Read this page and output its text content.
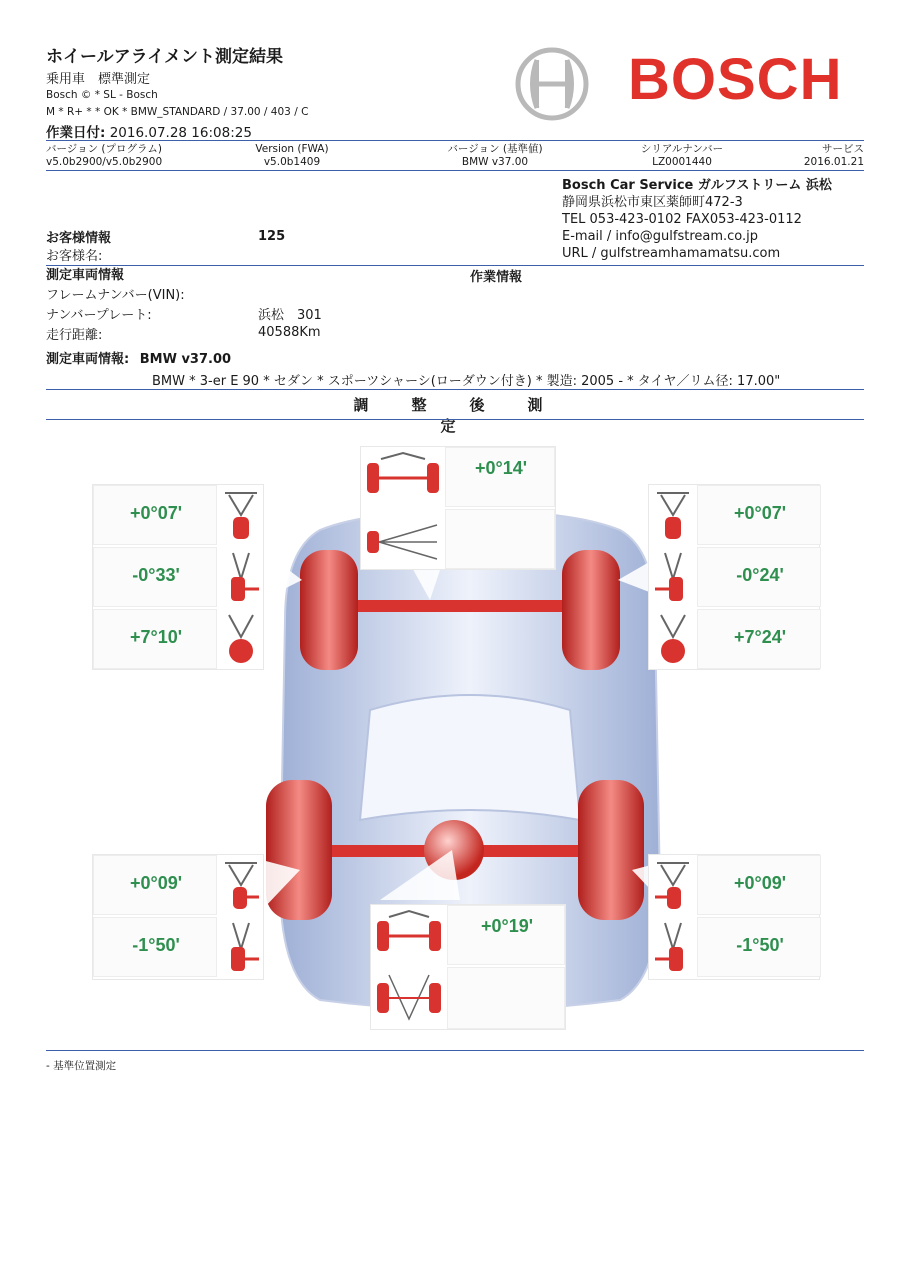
ホイールアライメント測定結果
乗用車　標準測定
Bosch © * SL - Bosch
M * R+ * * OK * BMW_STANDARD / 37.00 / 403 / C
作業日付: 2016.07.28 16:08:25
BOSCH
バージョン (プログラム)
v5.0b2900/v5.0b2900
Version (FWA)
v5.0b1409
バージョン (基準値)
BMW v37.00
シリアルナンバー
LZ0001440
サービス
2016.01.21
Bosch Car Service ガルフストリーム 浜松
静岡県浜松市東区薬師町472-3
TEL 053-423-0102 FAX053-423-0112
E-mail / info@gulfstream.co.jp
URL / gulfstreamhamamatsu.com
お客様情報	125
お客様名:
測定車両情報	作業情報
フレームナンバー(VIN):
ナンバープレート:	浜松　301
走行距離:	40588Km
測定車両情報: BMW v37.00
BMW * 3-er E 90 * セダン * スポーツシャーシ(ローダウン付き) * 製造: 2005 - * タイヤ／リム径: 17.00"
調　整　後　測　定
+0°07'
-0°33'
+7°10'
+0°07'
-0°24'
+7°24'
+0°14'
+0°09'
-1°50'
+0°09'
-1°50'
+0°19'
- 基準位置測定
